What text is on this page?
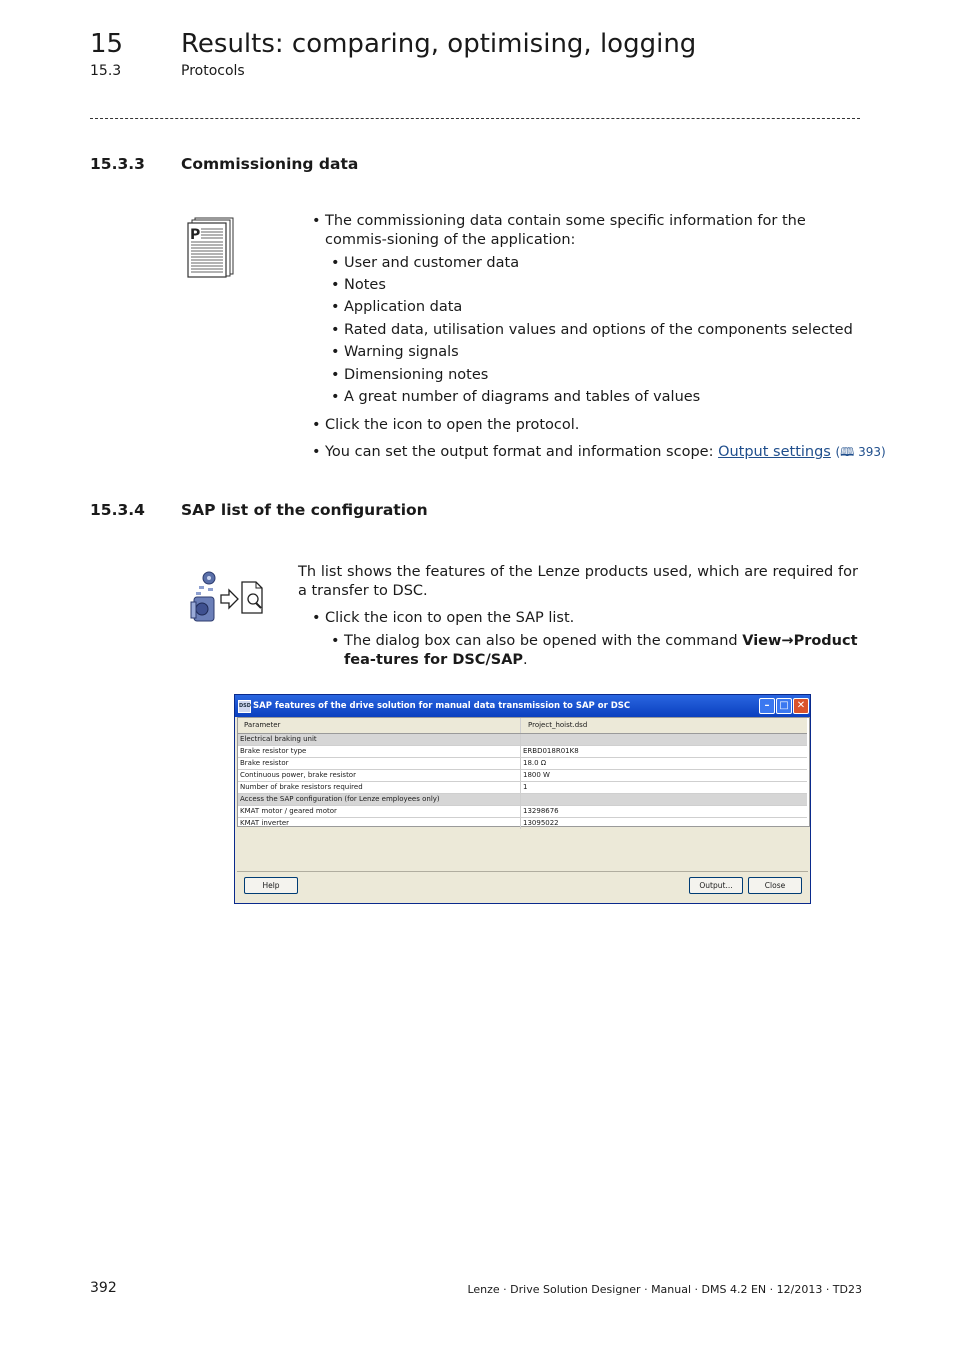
15 Results: comparing, optimising, logging
15.3	Protocols
15.3.3 Commissioning data
P
• The commissioning data contain some specific information for the commis-sioning of the application:
• User and customer data
• Notes
• Application data
• Rated data, utilisation values and options of the components selected
• Warning signals
• Dimensioning notes
• A great number of diagrams and tables of values
• Click the icon to open the protocol.
• You can set the output format and information scope: Output settings (🕮 393)
15.3.4 SAP list of the configuration
Th list shows the features of the Lenze products used, which are required for a transfer to DSC.
• Click the icon to open the SAP list.
• The dialog box can also be opened with the command View→Product fea-tures for DSC/SAP.
DSD SAP features of the drive solution for manual data transmission to SAP or DSC	– □ ✕
Parameter	Project_hoist.dsd
Electrical braking unit
Brake resistor type	ERBD018R01K8
Brake resistor	18.0 Ω
Continuous power, brake resistor	1800 W
Number of brake resistors required	1
Access the SAP configuration (for Lenze employees only)
KMAT motor / geared motor	13298676
KMAT inverter	13095022
Help	Output...	Close
392	Lenze · Drive Solution Designer · Manual · DMS 4.2 EN · 12/2013 · TD23
